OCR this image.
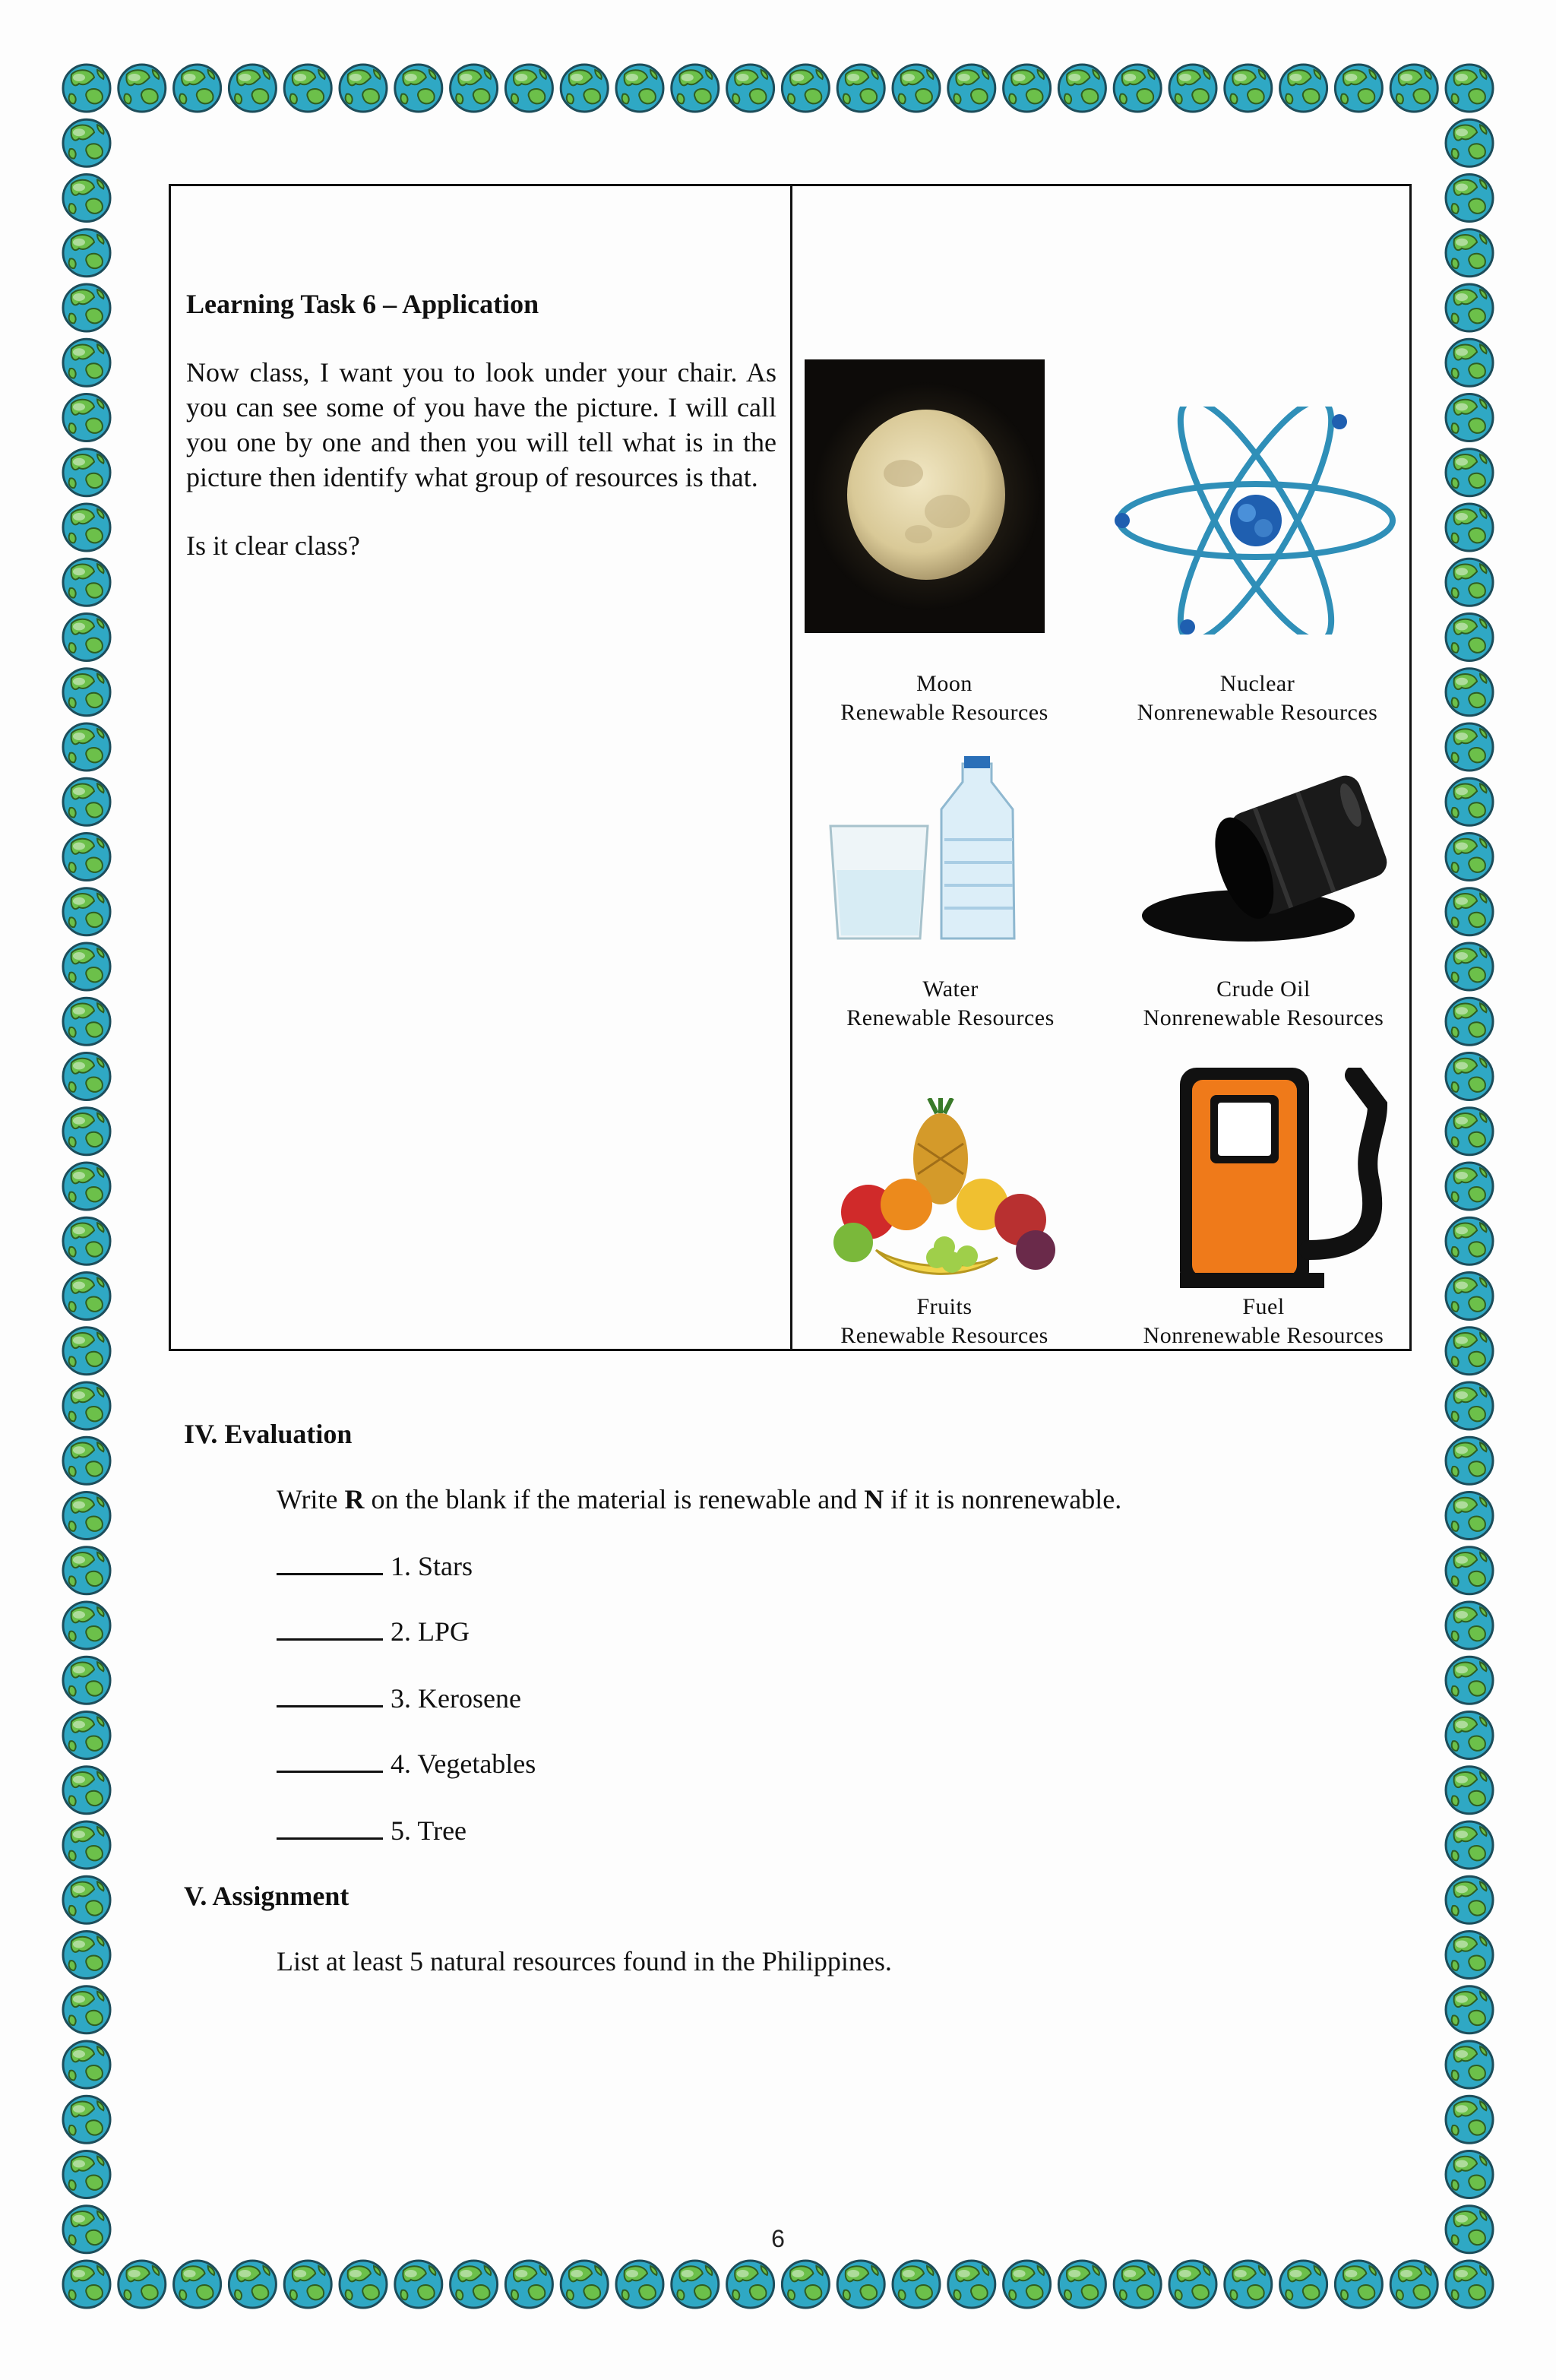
Learning Task 6 – Application
Now class, I want you to look under your chair. As you can see some of you have the picture. I will call you one by one and then you will tell what is in the picture then identify what group of resources is that.
Is it clear class?
Moon
Renewable Resources
Nuclear
Nonrenewable Resources
Water
Renewable Resources
Crude Oil
Nonrenewable Resources
Fruits
Renewable Resources
Fuel
Nonrenewable Resources
IV. Evaluation
Write R on the blank if the material is renewable and N if it is nonrenewable.
1. Stars
2. LPG
3. Kerosene
4. Vegetables
5. Tree
V. Assignment
List at least 5 natural resources found in the Philippines.
6
